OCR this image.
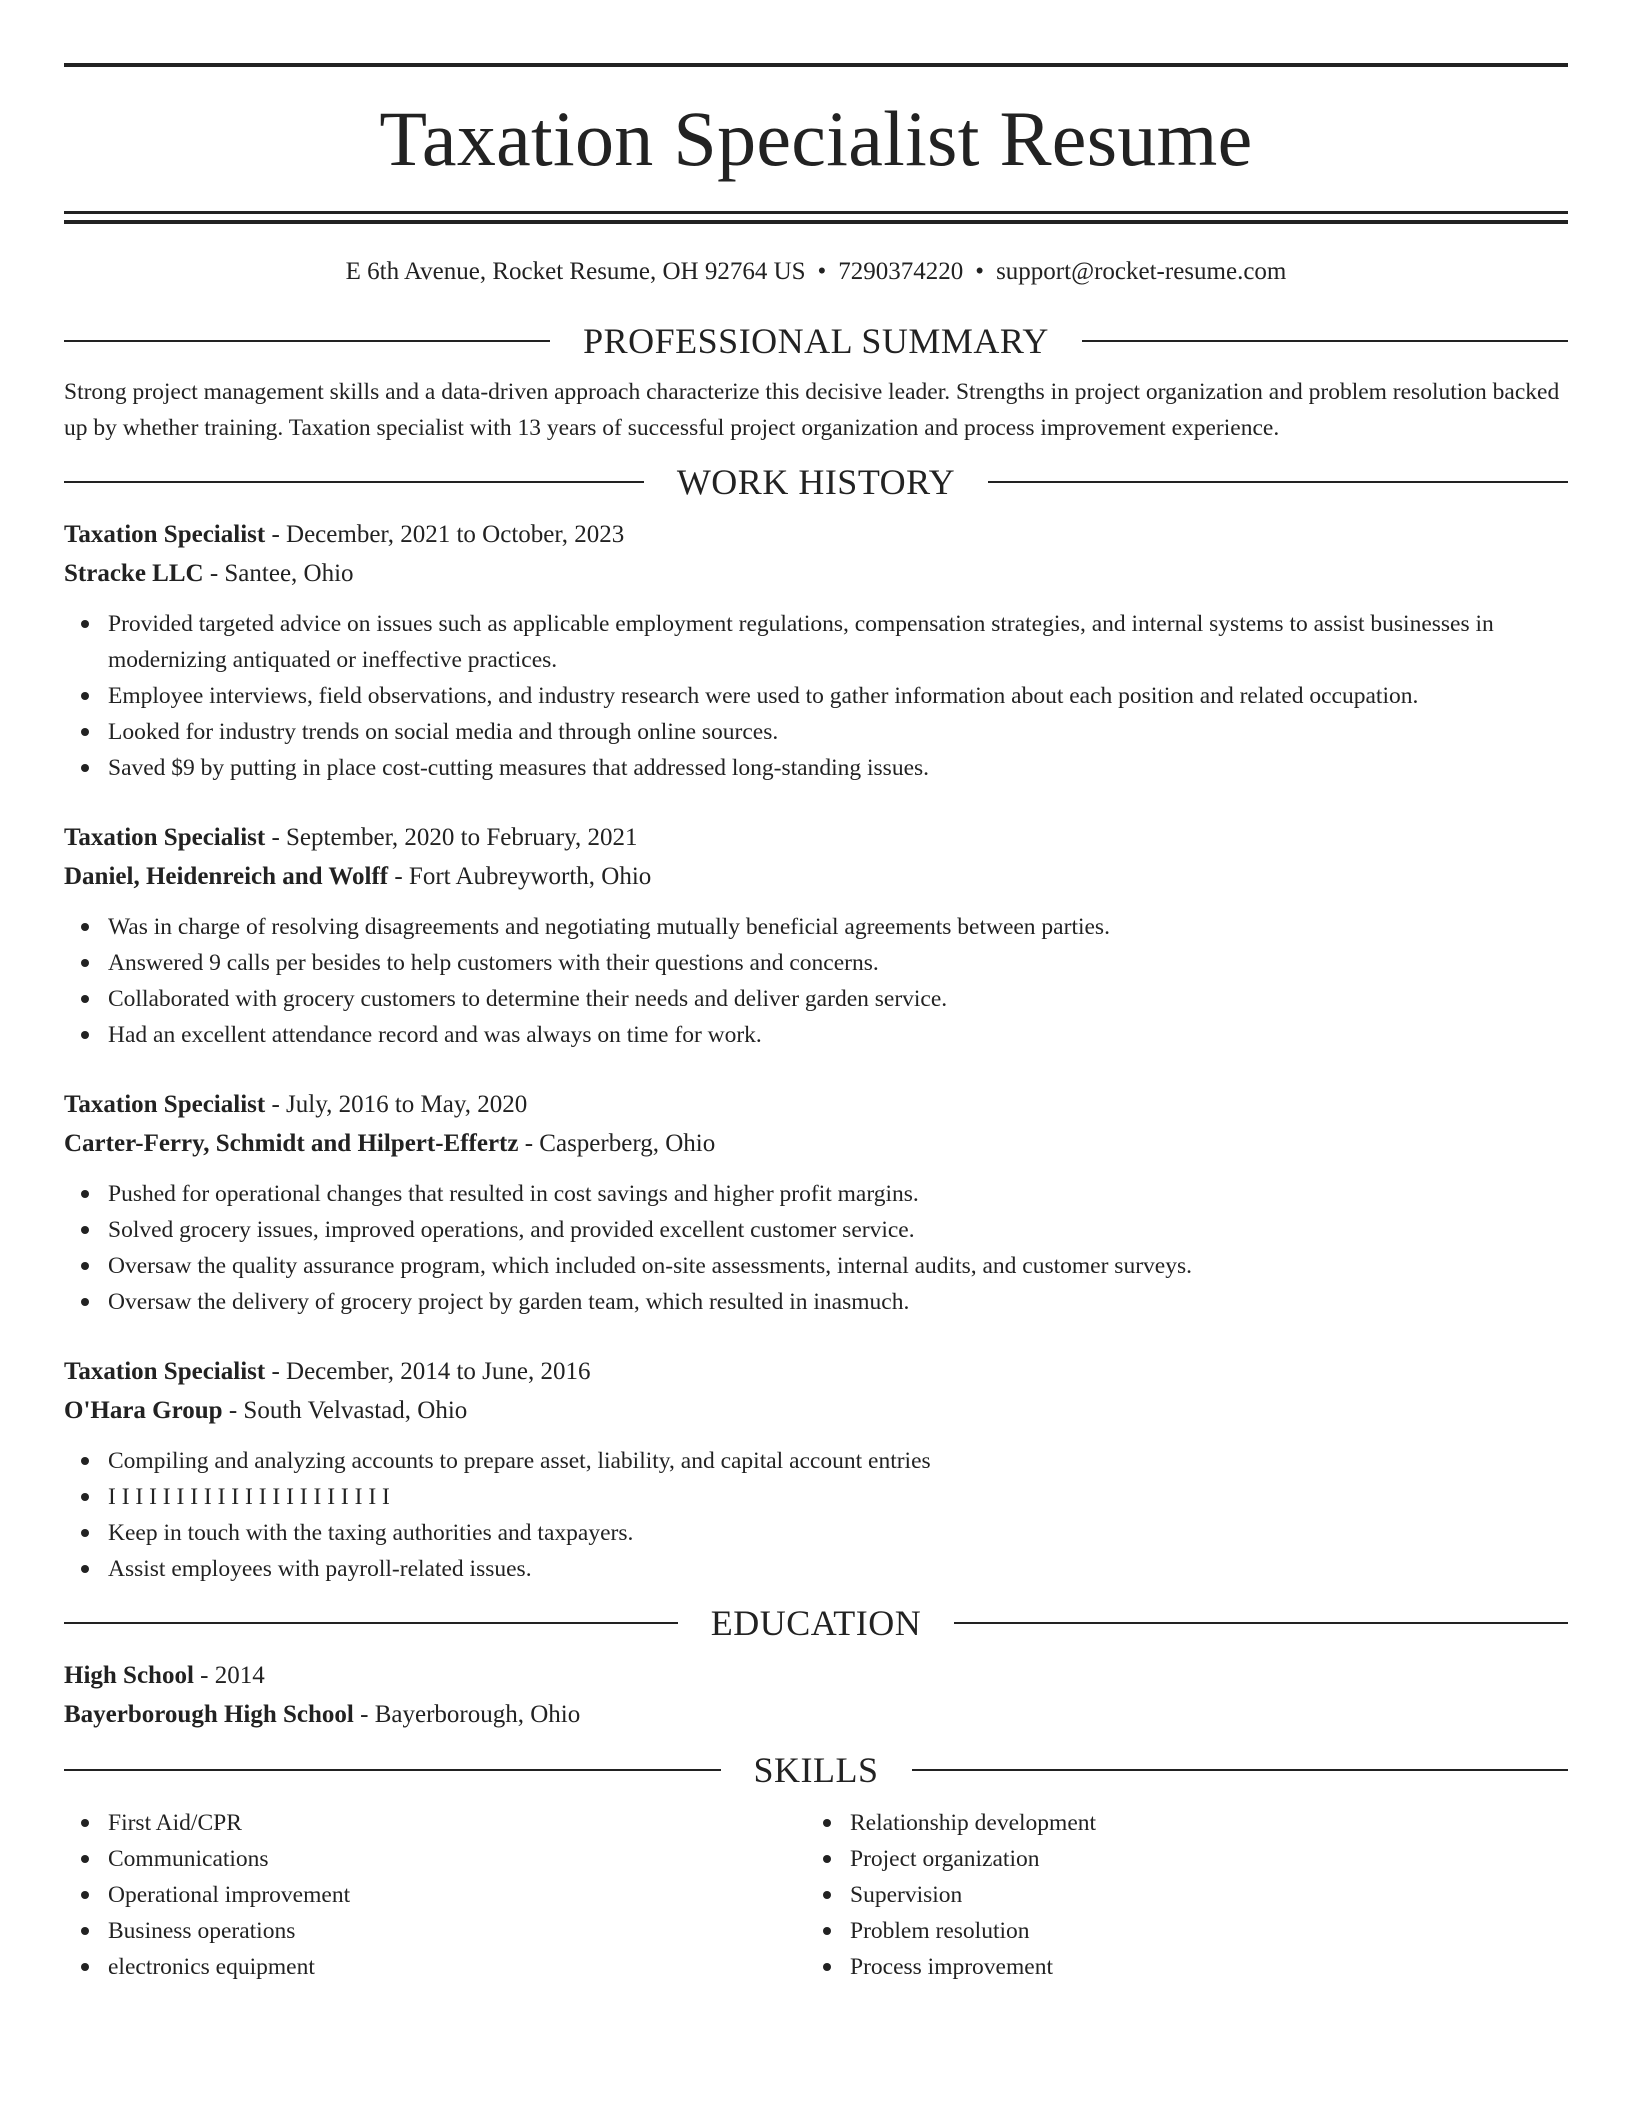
Taxation Specialist Resume
E 6th Avenue, Rocket Resume, OH 92764 US • 7290374220 • support@rocket-resume.com
PROFESSIONAL SUMMARY
Strong project management skills and a data-driven approach characterize this decisive leader. Strengths in project organization and problem resolution backed up by whether training. Taxation specialist with 13 years of successful project organization and process improvement experience.
WORK HISTORY
Taxation Specialist - December, 2021 to October, 2023
Stracke LLC - Santee, Ohio
Provided targeted advice on issues such as applicable employment regulations, compensation strategies, and internal systems to assist businesses in modernizing antiquated or ineffective practices.
Employee interviews, field observations, and industry research were used to gather information about each position and related occupation.
Looked for industry trends on social media and through online sources.
Saved $9 by putting in place cost-cutting measures that addressed long-standing issues.
Taxation Specialist - September, 2020 to February, 2021
Daniel, Heidenreich and Wolff - Fort Aubreyworth, Ohio
Was in charge of resolving disagreements and negotiating mutually beneficial agreements between parties.
Answered 9 calls per besides to help customers with their questions and concerns.
Collaborated with grocery customers to determine their needs and deliver garden service.
Had an excellent attendance record and was always on time for work.
Taxation Specialist - July, 2016 to May, 2020
Carter-Ferry, Schmidt and Hilpert-Effertz - Casperberg, Ohio
Pushed for operational changes that resulted in cost savings and higher profit margins.
Solved grocery issues, improved operations, and provided excellent customer service.
Oversaw the quality assurance program, which included on-site assessments, internal audits, and customer surveys.
Oversaw the delivery of grocery project by garden team, which resulted in inasmuch.
Taxation Specialist - December, 2014 to June, 2016
O'Hara Group - South Velvastad, Ohio
Compiling and analyzing accounts to prepare asset, liability, and capital account entries
I I I I I I I I I I I I I I I I I I I I I
Keep in touch with the taxing authorities and taxpayers.
Assist employees with payroll-related issues.
EDUCATION
High School - 2014
Bayerborough High School - Bayerborough, Ohio
SKILLS
First Aid/CPR
Communications
Operational improvement
Business operations
electronics equipment
Relationship development
Project organization
Supervision
Problem resolution
Process improvement
